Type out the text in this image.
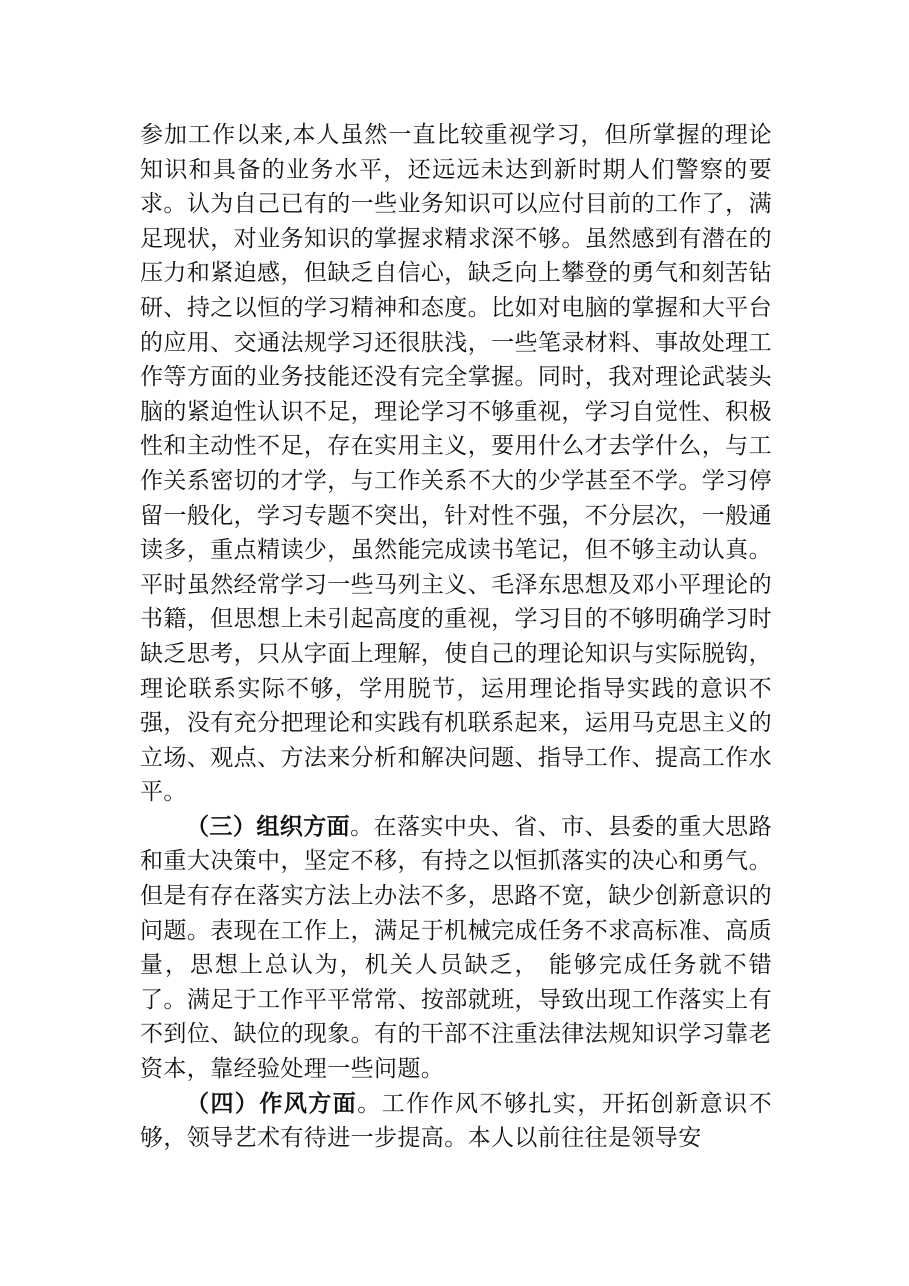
参加工作以来,本人虽然一直比较重视学习，但所掌握的理论知识和具备的业务水平，还远远未达到新时期人们警察的要求。认为自己已有的一些业务知识可以应付目前的工作了，满足现状，对业务知识的掌握求精求深不够。虽然感到有潜在的压力和紧迫感，但缺乏自信心，缺乏向上攀登的勇气和刻苦钻研、持之以恒的学习精神和态度。比如对电脑的掌握和大平台的应用、交通法规学习还很肤浅，一些笔录材料、事故处理工作等方面的业务技能还没有完全掌握。同时，我对理论武装头脑的紧迫性认识不足，理论学习不够重视，学习自觉性、积极性和主动性不足，存在实用主义，要用什么才去学什么，与工作关系密切的才学，与工作关系不大的少学甚至不学。学习停留一般化，学习专题不突出，针对性不强，不分层次，一般通读多，重点精读少，虽然能完成读书笔记，但不够主动认真。平时虽然经常学习一些马列主义、毛泽东思想及邓小平理论的书籍，但思想上未引起高度的重视，学习目的不够明确学习时缺乏思考，只从字面上理解，使自己的理论知识与实际脱钩，理论联系实际不够，学用脱节，运用理论指导实践的意识不强，没有充分把理论和实践有机联系起来，运用马克思主义的立场、观点、方法来分析和解决问题、指导工作、提高工作水平。

（三）组织方面。在落实中央、省、市、县委的重大思路和重大决策中，坚定不移，有持之以恒抓落实的决心和勇气。但是有存在落实方法上办法不多，思路不宽，缺少创新意识的问题。表现在工作上，满足于机械完成任务不求高标准、高质量，思想上总认为，机关人员缺乏， 能够完成任务就不错了。满足于工作平平常常、按部就班，导致出现工作落实上有不到位、缺位的现象。有的干部不注重法律法规知识学习靠老资本，靠经验处理一些问题。

（四）作风方面。工作作风不够扎实，开拓创新意识不够，领导艺术有待进一步提高。本人以前往往是领导安
